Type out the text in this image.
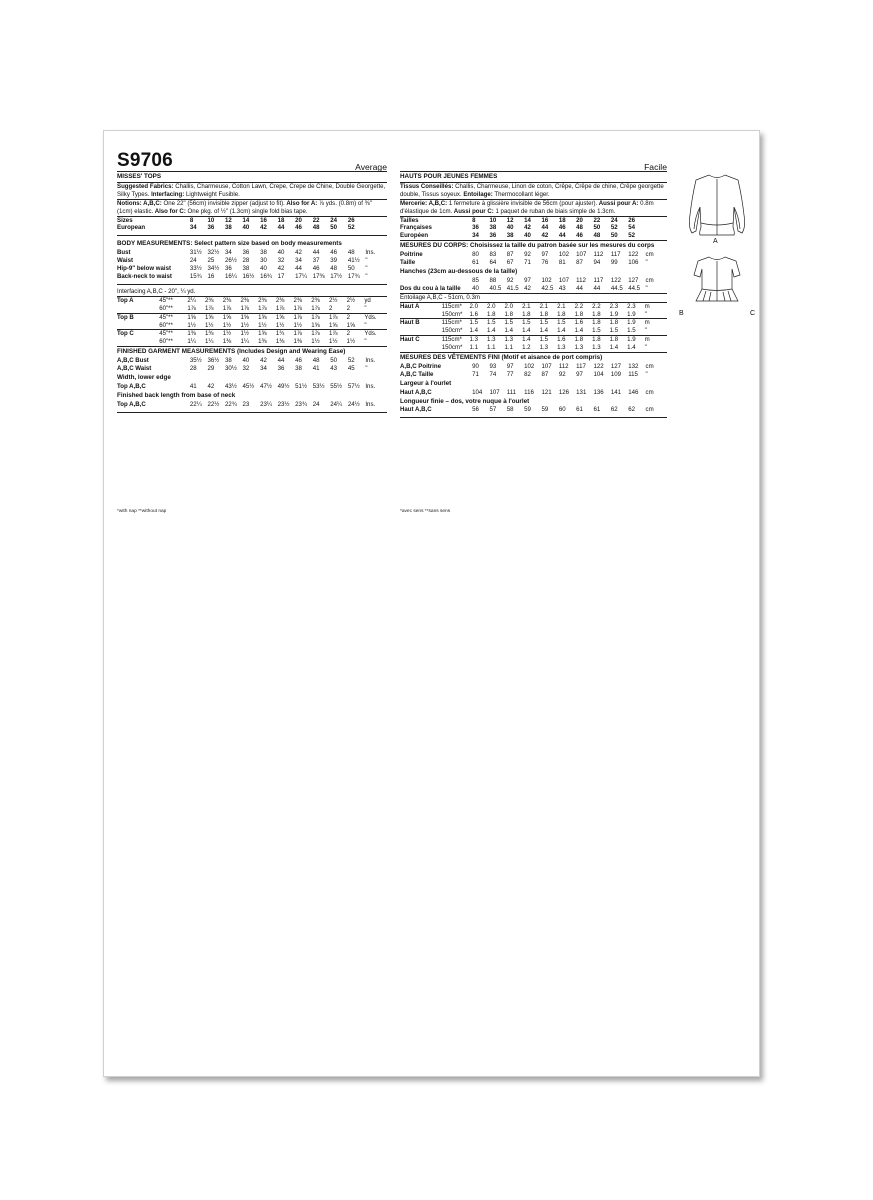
S9706	Average
MISSES' TOPS

Suggested Fabrics: Challis, Charmeuse, Cotton Lawn, Crepe, Crepe de Chine, Double Georgette, Silky Types. Interfacing: Lightweight Fusible.

Notions: A,B,C: One 22" (56cm) invisible zipper (adjust to fit). Also for A: ⅞ yds. (0.8m) of ⅜" (1cm) elastic. Also for C: One pkg. of ½" (1.3cm) single fold bias tape.

Sizes	8	10	12	14	16	18	20	22	24	26	
European	34	36	38	40	42	44	46	48	50	52	
BODY MEASUREMENTS: Select pattern size based on body measurements
Bust	31½	32½	34	36	38	40	42	44	46	48	Ins.
Waist	24	25	26½	28	30	32	34	37	39	41½	"
Hip-9" below waist	33½	34½	36	38	40	42	44	46	48	50	"
Back-neck to waist	15¾	16	16¼	16½	16¾	17	17¼	17⅜	17½	17¾	"
Interfacing A,B,C - 20", ¼ yd.
Top A	45"**	2¼	2⅜	2⅜	2⅜	2⅜	2⅜	2⅜	2⅜	2½	2½	yd
	60"**	1⅞	1⅞	1⅞	1⅞	1⅞	1⅞	1⅞	1⅞	2	2	"
Top B	45"**	1⅝	1⅝	1⅝	1⅝	1⅝	1⅝	1⅞	1⅞	1⅞	2	Yds.
	60"**	1½	1½	1½	1½	1½	1½	1½	1⅝	1⅝	1⅝	"
Top C	45"**	1⅜	1⅜	1½	1½	1⅝	1¾	1⅞	1⅞	1⅞	2	Yds.
	60"**	1¼	1¼	1⅜	1¼	1⅜	1⅜	1⅜	1½	1½	1½	"
FINISHED GARMENT MEASUREMENTS (Includes Design and Wearing Ease)
A,B,C Bust	35½	36½	38	40	42	44	46	48	50	52	Ins.
A,B,C Waist	28	29	30½	32	34	36	38	41	43	45	"
Width, lower edge
Top A,B,C	41	42	43½	45½	47½	49½	51½	53½	55½	57½	Ins.
Finished back length from base of neck
Top A,B,C	22¼	22½	22¾	23	23¼	23½	23¾	24	24¼	24½	Ins.
Facile
HAUTS POUR JEUNES FEMMES

Tissus Conseillés: Challis, Charmeuse, Linon de coton, Crêpe, Crêpe de chine, Crêpe georgette double, Tissus soyeux. Entoilage: Thermocollant léger.

Mercerie: A,B,C: 1 fermeture à glissière invisible de 56cm (pour ajuster). Aussi pour A: 0.8m d'élastique de 1cm. Aussi pour C: 1 paquet de ruban de biais simple de 1.3cm.

Tailles	8	10	12	14	16	18	20	22	24	26	
Françaises	36	38	40	42	44	46	48	50	52	54	
Européen	34	36	38	40	42	44	46	48	50	52	
MESURES DU CORPS: Choisissez la taille du patron basée sur les mesures du corps
Poitrine	80	83	87	92	97	102	107	112	117	122	cm
Taille	61	64	67	71	76	81	87	94	99	106	"
Hanches (23cm au-dessous de la taille)
	85	88	92	97	102	107	112	117	122	127	cm
Dos du cou à la taille	40	40.5	41.5	42	42.5	43	44	44	44.5	44.5	"
Entoilage A,B,C - 51cm, 0.3m
Haut A	115cm*	2.0	2.0	2.0	2.1	2.1	2.1	2.2	2.2	2.3	2.3	m
	150cm*	1.6	1.8	1.8	1.8	1.8	1.8	1.8	1.8	1.9	1.9	"
Haut B	115cm*	1.5	1.5	1.5	1.5	1.5	1.5	1.6	1.8	1.8	1.9	m
	150cm*	1.4	1.4	1.4	1.4	1.4	1.4	1.4	1.5	1.5	1.5	"
Haut C	115cm*	1.3	1.3	1.3	1.4	1.5	1.6	1.8	1.8	1.8	1.9	m
	150cm*	1.1	1.1	1.1	1.2	1.3	1.3	1.3	1.3	1.4	1.4	"
MESURES DES VÊTEMENTS FINI (Motif et aisance de port compris)
A,B,C Poitrine	90	93	97	102	107	112	117	122	127	132	cm
A,B,C Taille	71	74	77	82	87	92	97	104	109	115	"
Largeur à l'ourlet
Haut A,B,C	104	107	111	116	121	126	131	136	141	146	cm
Longueur finie – dos, votre nuque à l'ourlet
Haut A,B,C	56	57	58	59	59	60	61	61	62	62	cm
*with nap **without nap	*avec sens **sans sens
A
B	C
